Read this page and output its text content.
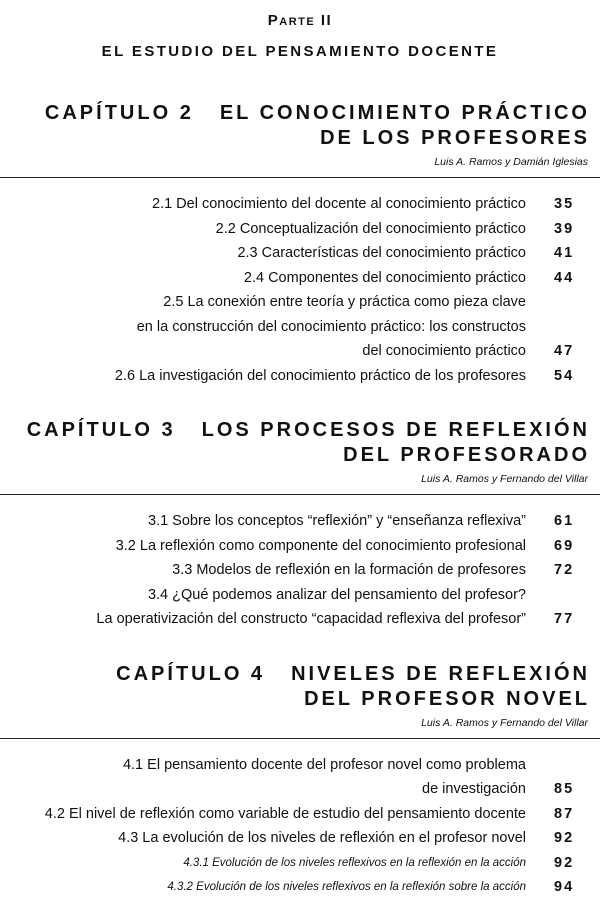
Parte II
EL ESTUDIO DEL PENSAMIENTO DOCENTE
CAPÍTULO 2 EL CONOCIMIENTO PRÁCTICO
DE LOS PROFESORES
Luis A. Ramos y Damián Iglesias
2.1 Del conocimiento del docente al conocimiento práctico	35
2.2 Conceptualización del conocimiento práctico	39
2.3 Características del conocimiento práctico	41
2.4 Componentes del conocimiento práctico	44
2.5 La conexión entre teoría y práctica como pieza clave
en la construcción del conocimiento práctico: los constructos
del conocimiento práctico	47
2.6 La investigación del conocimiento práctico de los profesores	54
CAPÍTULO 3 LOS PROCESOS DE REFLEXIÓN
DEL PROFESORADO
Luis A. Ramos y Fernando del Villar
3.1 Sobre los conceptos “reflexión” y “enseñanza reflexiva”	61
3.2 La reflexión como componente del conocimiento profesional	69
3.3 Modelos de reflexión en la formación de profesores	72
3.4 ¿Qué podemos analizar del pensamiento del profesor?
La operativización del constructo “capacidad reflexiva del profesor”	77
CAPÍTULO 4 NIVELES DE REFLEXIÓN
DEL PROFESOR NOVEL
Luis A. Ramos y Fernando del Villar
4.1 El pensamiento docente del profesor novel como problema
de investigación	85
4.2 El nivel de reflexión como variable de estudio del pensamiento docente	87
4.3 La evolución de los niveles de reflexión en el profesor novel	92
4.3.1 Evolución de los niveles reflexivos en la reflexión en la acción	92
4.3.2 Evolución de los niveles reflexivos en la reflexión sobre la acción	94
